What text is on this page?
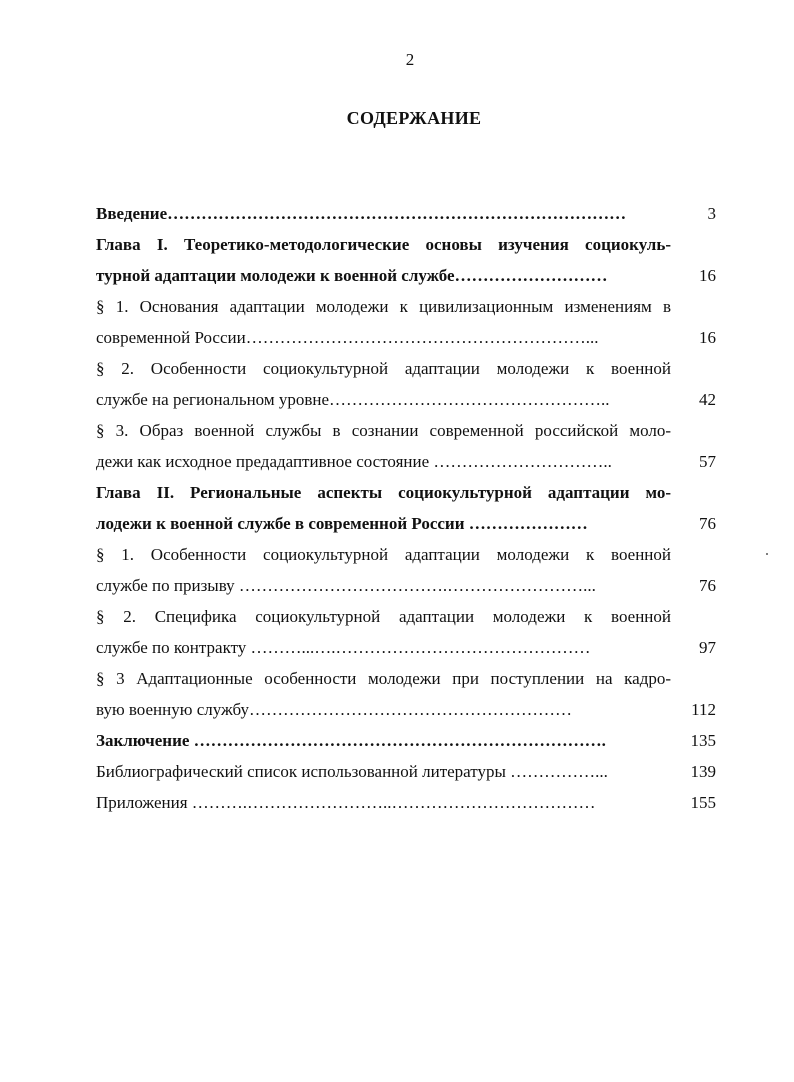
2
СОДЕРЖАНИЕ
Введение………………………………………………………………………	3
Глава I. Теоретико-методологические основы изучения социокуль-
турной адаптации молодежи к военной службе………………………	16
§ 1. Основания адаптации молодежи к цивилизационным изменениям в
современной России……………………………………………………...	16
§ 2. Особенности социокультурной адаптации молодежи к военной
службе на региональном уровне…………………………………………..	42
§ 3. Образ военной службы в сознании современной российской моло-
дежи как исходное предадаптивное состояние …………………………..	57
Глава II. Региональные аспекты социокультурной адаптации мо-
лодежи к военной службе в современной России …………………	76
§ 1. Особенности социокультурной адаптации молодежи к военной
службе по призыву ……………………………….……………………...	76
§ 2. Специфика социокультурной адаптации молодежи к военной
службе по контракту ………...….………………………………………	97
§ 3 Адаптационные особенности молодежи при поступлении на кадро-
вую военную службу…………………………………………………	112
Заключение ……………………………………………………………….	135
Библиографический список использованной литературы ……………...	139
Приложения ……….……………………..………………………………	155
